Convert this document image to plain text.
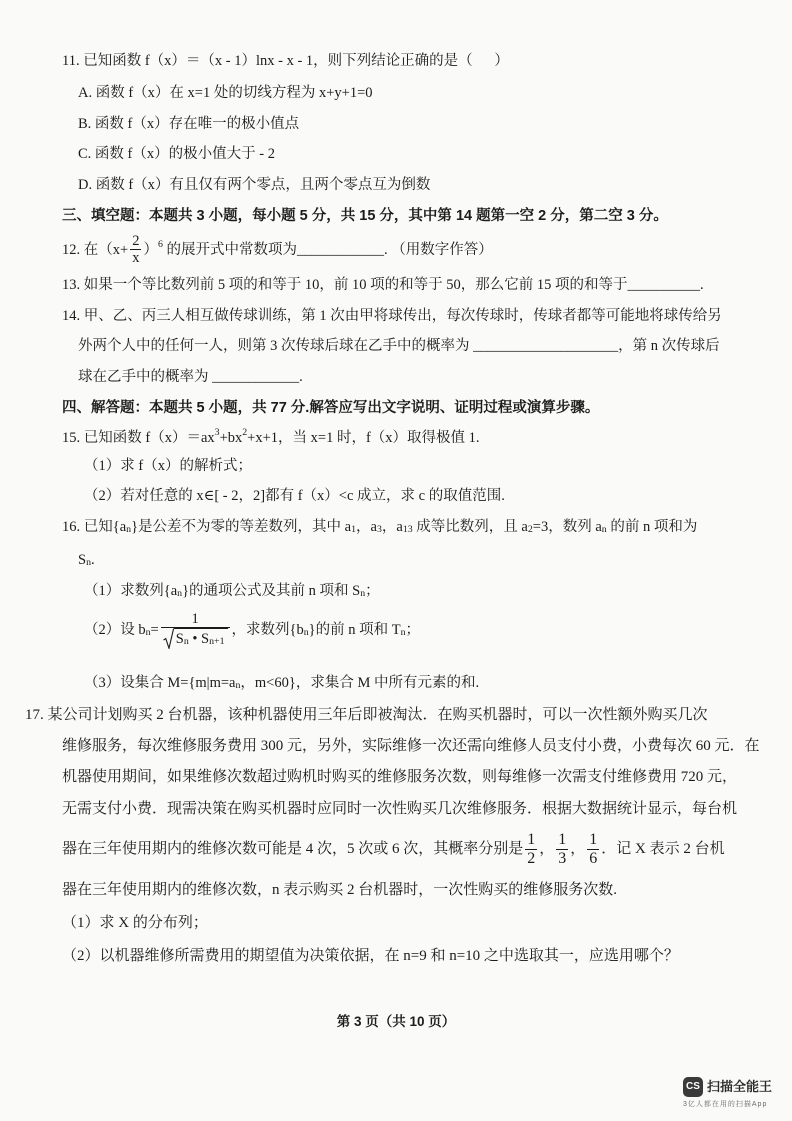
11. 已知函数 f（x）＝（x - 1）lnx - x - 1，则下列结论正确的是（      ）
A. 函数 f（x）在 x=1 处的切线方程为 x+y+1=0
B. 函数 f（x）存在唯一的极小值点
C. 函数 f（x）的极小值大于 - 2
D. 函数 f（x）有且仅有两个零点，且两个零点互为倒数
三、填空题：本题共 3 小题，每小题 5 分，共 15 分，其中第 14 题第一空 2 分，第二空 3 分。
12. 在（$x+ \frac{2}{x}$ ） 6 的展开式中常数项为____________. （用数字作答）
13. 如果一个等比数列前 5 项的和等于 10，前 10 项的和等于 50，那么它前 15 项的和等于__________.
14. 甲、乙、丙三人相互做传球训练，第 1 次由甲将球传出，每次传球时，传球者都等可能地将球传给另
外两个人中的任何一人，则第 3 次传球后球在乙手中的概率为 ____________________，第 n 次传球后
球在乙手中的概率为 ____________.
四、解答题：本题共 5 小题，共 77 分.解答应写出文字说明、证明过程或演算步骤。
15. 已知函数 f（x）＝ax 3 +bx 2 +x+1，当 x=1 时，f（x）取得极值 1.
（1）求 f（x）的解析式；
（2）若对任意的 x∈[ - 2，2]都有 f（x）<c 成立，求 c 的取值范围.
16. 已知{a n }是公差不为零的等差数列，其中 a 1 ，a 3 ，a 13 成等比数列，且 a 2 =3，数列 a n 的前 n 项和为
S n .
（1）求数列{a n }的通项公式及其前 n 项和 S n ；
（2）设 b $n = \frac{1}{\text{S n • S n+1}}$ ，求数列{b n }的前 n 项和 T n ；
（3）设集合 M={m|m=a n ，m<60}，求集合 M 中所有元素的和.
17. 某公司计划购买 2 台机器，该种机器使用三年后即被淘汰．在购买机器时，可以一次性额外购买几次
维修服务，每次维修服务费用 300 元，另外，实际维修一次还需向维修人员支付小费，小费每次 60 元．在
机器使用期间，如果维修次数超过购机时购买的维修服务次数，则每维修一次需支付维修费用 720 元，
无需支付小费．现需决策在购买机器时应同时一次性购买几次维修服务．根据大数据统计显示，每台机
器在三年使用期内的维修次数可能是 4 次，5 次或 6 次，其概率分别是 $\frac{1}{2}$ ， $\frac{1}{3}$ ， $\frac{1}{6}$ ．记 X 表示 2 台机
器在三年使用期内的维修次数，n 表示购买 2 台机器时，一次性购买的维修服务次数.
（1）求 X 的分布列；
（2）以机器维修所需费用的期望值为决策依据，在 n=9 和 n=10 之中选取其一，应选用哪个？
第 3 页（共 10 页）
CS 扫描全能王
3亿人都在用的扫描App
